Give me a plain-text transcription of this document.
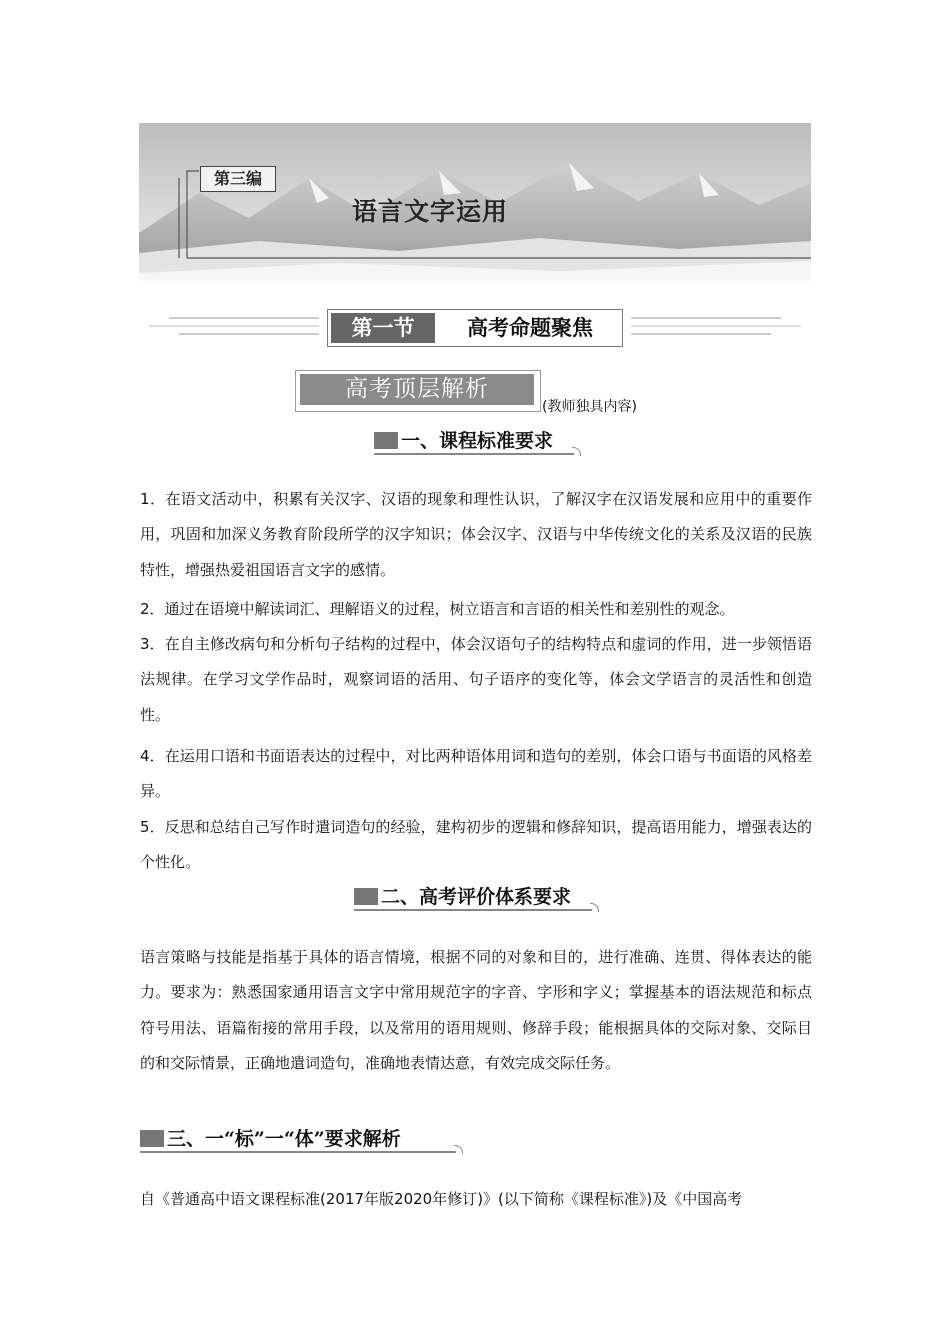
第三编
语言文字运用
第一节	高考命题聚焦
高考顶层解析
(教师独具内容)
一、课程标准要求
1．在语文活动中，积累有关汉字、汉语的现象和理性认识，了解汉字在汉语发展和应用中的重要作用，巩固和加深义务教育阶段所学的汉字知识；体会汉字、汉语与中华传统文化的关系及汉语的民族特性，增强热爱祖国语言文字的感情。
2．通过在语境中解读词汇、理解语义的过程，树立语言和言语的相关性和差别性的观念。
3．在自主修改病句和分析句子结构的过程中，体会汉语句子的结构特点和虚词的作用，进一步领悟语法规律。在学习文学作品时，观察词语的活用、句子语序的变化等，体会文学语言的灵活性和创造性。
4．在运用口语和书面语表达的过程中，对比两种语体用词和造句的差别，体会口语与书面语的风格差异。
5．反思和总结自己写作时遣词造句的经验，建构初步的逻辑和修辞知识，提高语用能力，增强表达的个性化。
二、高考评价体系要求
语言策略与技能是指基于具体的语言情境，根据不同的对象和目的，进行准确、连贯、得体表达的能力。要求为：熟悉国家通用语言文字中常用规范字的字音、字形和字义；掌握基本的语法规范和标点符号用法、语篇衔接的常用手段，以及常用的语用规则、修辞手段；能根据具体的交际对象、交际目的和交际情景，正确地遣词造句，准确地表情达意，有效完成交际任务。
三、一“标”一“体”要求解析
自《普通高中语文课程标准(2017年版2020年修订)》(以下简称《课程标准》)及《中国高考
